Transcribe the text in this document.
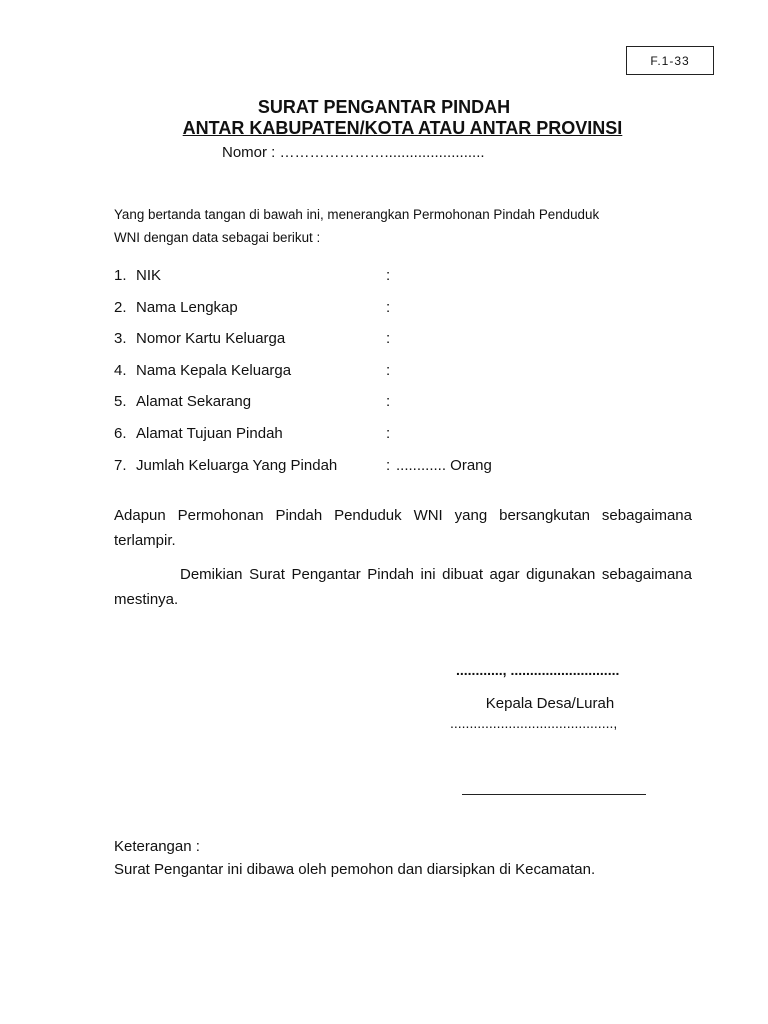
F.1-33
SURAT PENGANTAR PINDAH
ANTAR KABUPATEN/KOTA ATAU ANTAR PROVINSI
Nomor : …………………........................
Yang bertanda tangan di bawah ini, menerangkan Permohonan Pindah Penduduk
WNI dengan data sebagai berikut :
1. NIK	:
2. Nama Lengkap	:
3. Nomor Kartu Keluarga	:
4. Nama Kepala Keluarga	:
5. Alamat Sekarang	:
6. Alamat Tujuan Pindah	:
7. Jumlah Keluarga Yang Pindah	: ............ Orang
Adapun Permohonan Pindah Penduduk WNI yang bersangkutan sebagaimana terlampir.
Demikian Surat Pengantar Pindah ini dibuat agar digunakan sebagaimana mestinya.
............, ............................
Kepala Desa/Lurah
..........................................,
Keterangan :
Surat Pengantar ini dibawa oleh pemohon dan diarsipkan di Kecamatan.
